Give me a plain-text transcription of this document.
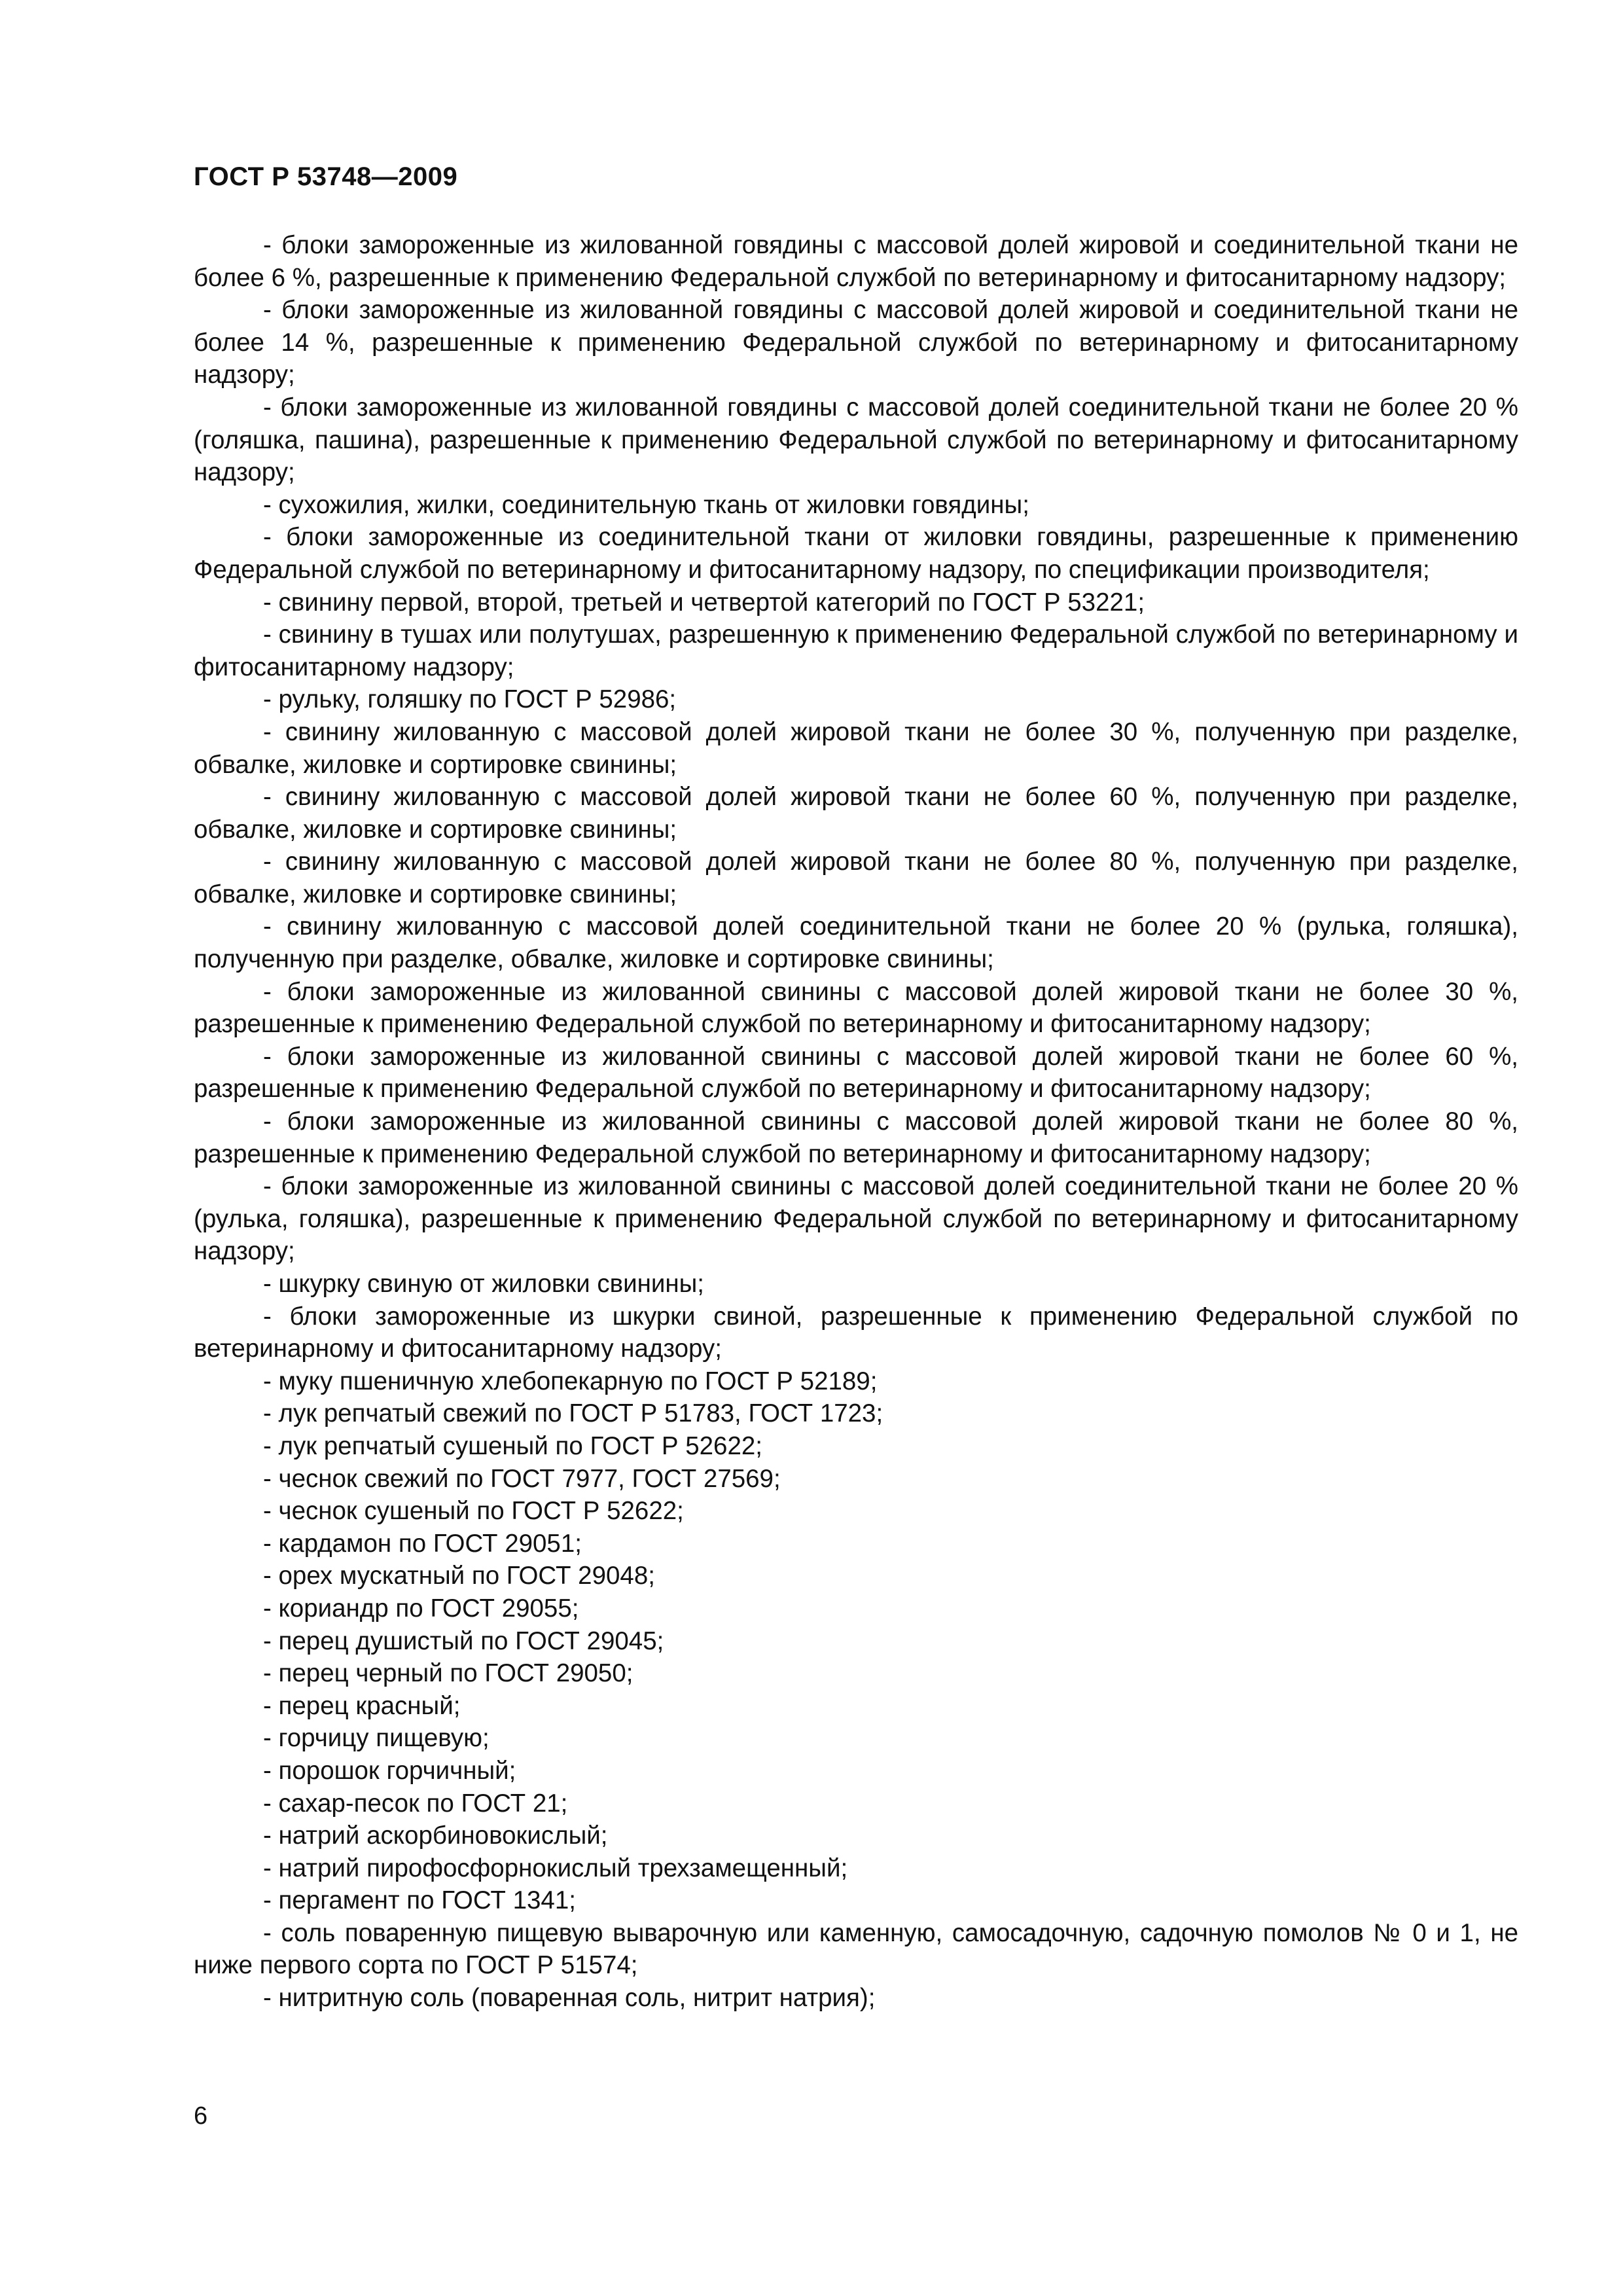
ГОСТ Р 53748—2009

- блоки замороженные из жилованной говядины с массовой долей жировой и соединительной ткани не более 6 %, разрешенные к применению Федеральной службой по ветеринарному и фитосанитарному надзору;

- блоки замороженные из жилованной говядины с массовой долей жировой и соединительной ткани не более 14 %, разрешенные к применению Федеральной службой по ветеринарному и фитосанитарному надзору;

- блоки замороженные из жилованной говядины с массовой долей соединительной ткани не более 20 % (голяшка, пашина), разрешенные к применению Федеральной службой по ветеринарному и фитосанитарному надзору;

- сухожилия, жилки, соединительную ткань от жиловки говядины;

- блоки замороженные из соединительной ткани от жиловки говядины, разрешенные к применению Федеральной службой по ветеринарному и фитосанитарному надзору, по спецификации производителя;

- свинину первой, второй, третьей и четвертой категорий по ГОСТ Р 53221;

- свинину в тушах или полутушах, разрешенную к применению Федеральной службой по ветеринарному и фитосанитарному надзору;

- рульку, голяшку по ГОСТ Р 52986;

- свинину жилованную с массовой долей жировой ткани не более 30 %, полученную при разделке, обвалке, жиловке и сортировке свинины;

- свинину жилованную с массовой долей жировой ткани не более 60 %, полученную при разделке, обвалке, жиловке и сортировке свинины;

- свинину жилованную с массовой долей жировой ткани не более 80 %, полученную при разделке, обвалке, жиловке и сортировке свинины;

- свинину жилованную с массовой долей соединительной ткани не более 20 % (рулька, голяшка), полученную при разделке, обвалке, жиловке и сортировке свинины;

- блоки замороженные из жилованной свинины с массовой долей жировой ткани не более 30 %, разрешенные к применению Федеральной службой по ветеринарному и фитосанитарному надзору;

- блоки замороженные из жилованной свинины с массовой долей жировой ткани не более 60 %, разрешенные к применению Федеральной службой по ветеринарному и фитосанитарному надзору;

- блоки замороженные из жилованной свинины с массовой долей жировой ткани не более 80 %, разрешенные к применению Федеральной службой по ветеринарному и фитосанитарному надзору;

- блоки замороженные из жилованной свинины с массовой долей соединительной ткани не более 20 % (рулька, голяшка), разрешенные к применению Федеральной службой по ветеринарному и фитосанитарному надзору;

- шкурку свиную от жиловки свинины;

- блоки замороженные из шкурки свиной, разрешенные к применению Федеральной службой по ветеринарному и фитосанитарному надзору;

- муку пшеничную хлебопекарную по ГОСТ Р 52189;

- лук репчатый свежий по ГОСТ Р 51783, ГОСТ 1723;

- лук репчатый сушеный по ГОСТ Р 52622;

- чеснок свежий по ГОСТ 7977, ГОСТ 27569;

- чеснок сушеный по ГОСТ Р 52622;

- кардамон по ГОСТ 29051;

- орех мускатный по ГОСТ 29048;

- кориандр по ГОСТ 29055;

- перец душистый по ГОСТ 29045;

- перец черный по ГОСТ 29050;

- перец красный;

- горчицу пищевую;

- порошок горчичный;

- сахар-песок по ГОСТ 21;

- натрий аскорбиновокислый;

- натрий пирофосфорнокислый трехзамещенный;

- пергамент по ГОСТ 1341;

- соль поваренную пищевую выварочную или каменную, самосадочную, садочную помолов № 0 и 1, не ниже первого сорта по ГОСТ Р 51574;

- нитритную соль (поваренная соль, нитрит натрия);

6
